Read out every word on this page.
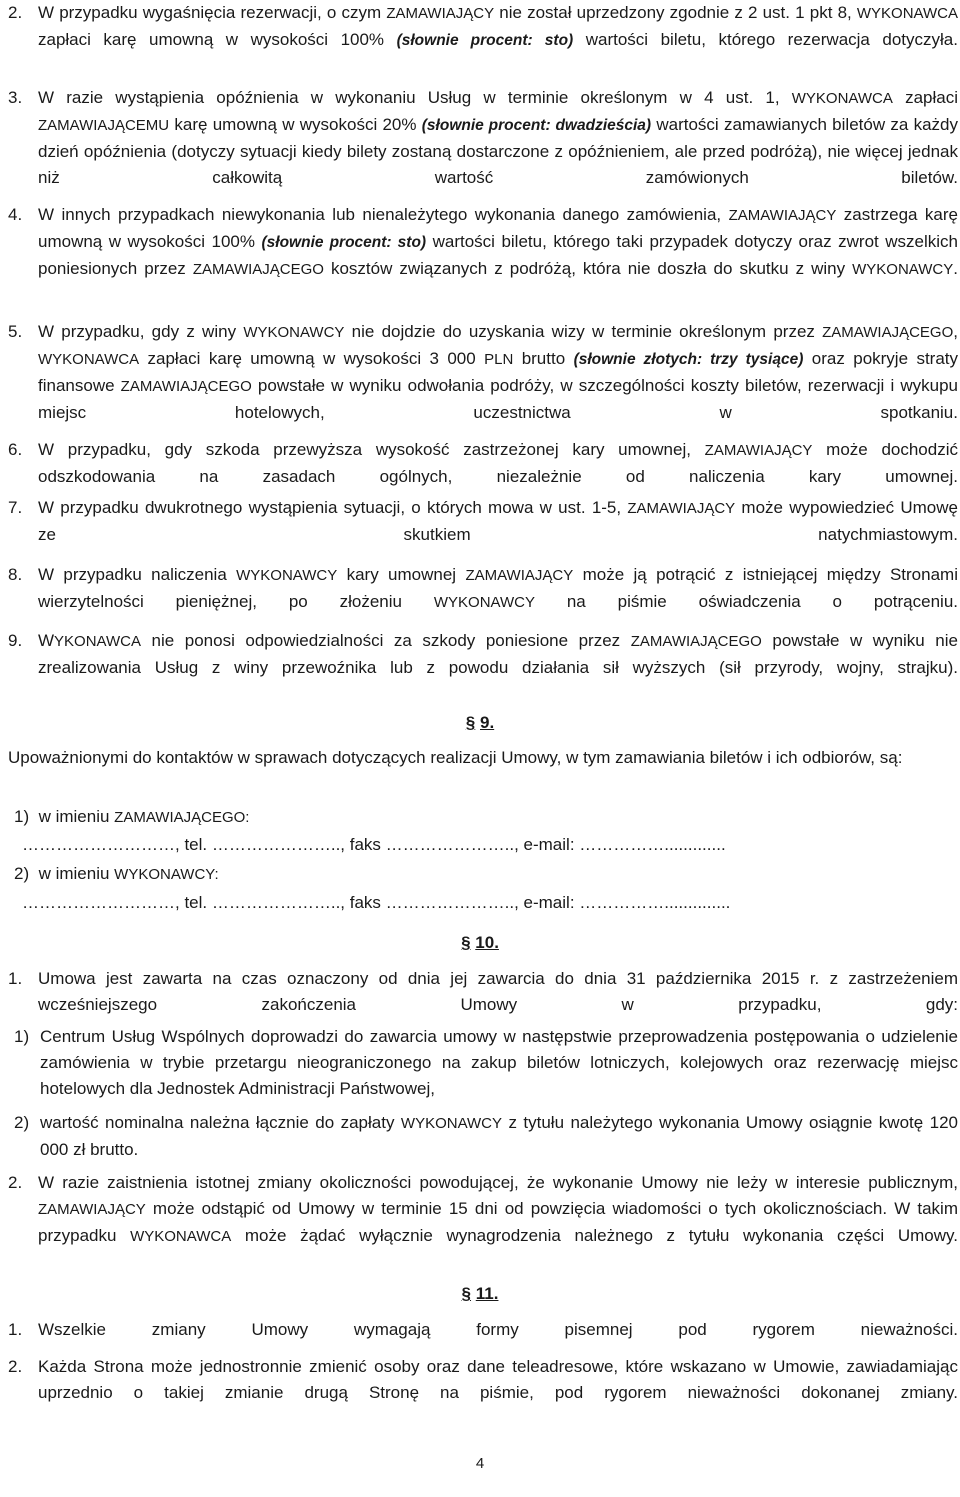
2. W przypadku wygaśnięcia rezerwacji, o czym ZAMAWIAJĄCY nie został uprzedzony zgodnie z 2 ust. 1 pkt 8, WYKONAWCA zapłaci karę umowną w wysokości 100% (słownie procent: sto) wartości biletu, którego rezerwacja dotyczyła.
3. W razie wystąpienia opóźnienia w wykonaniu Usług w terminie określonym w 4 ust. 1, WYKONAWCA zapłaci ZAMAWIAJĄCEMU karę umowną w wysokości 20% (słownie procent: dwadzieścia) wartości zamawianych biletów za każdy dzień opóźnienia (dotyczy sytuacji kiedy bilety zostaną dostarczone z opóźnieniem, ale przed podróżą), nie więcej jednak niż całkowitą wartość zamówionych biletów.
4. W innych przypadkach niewykonania lub nienależytego wykonania danego zamówienia, ZAMAWIAJĄCY zastrzega karę umowną w wysokości 100% (słownie procent: sto) wartości biletu, którego taki przypadek dotyczy oraz zwrot wszelkich poniesionych przez ZAMAWIAJĄCEGO kosztów związanych z podróżą, która nie doszła do skutku z winy WYKONAWCY.
5. W przypadku, gdy z winy WYKONAWCY nie dojdzie do uzyskania wizy w terminie określonym przez ZAMAWIAJĄCEGO, WYKONAWCA zapłaci karę umowną w wysokości 3 000 PLN brutto (słownie złotych: trzy tysiące) oraz pokryje straty finansowe ZAMAWIAJĄCEGO powstałe w wyniku odwołania podróży, w szczególności koszty biletów, rezerwacji i wykupu miejsc hotelowych, uczestnictwa w spotkaniu.
6. W przypadku, gdy szkoda przewyższa wysokość zastrzeżonej kary umownej, ZAMAWIAJĄCY może dochodzić odszkodowania na zasadach ogólnych, niezależnie od naliczenia kary umownej.
7. W przypadku dwukrotnego wystąpienia sytuacji, o których mowa w ust. 1-5, ZAMAWIAJĄCY może wypowiedzieć Umowę ze skutkiem natychmiastowym.
8. W przypadku naliczenia WYKONAWCY kary umownej ZAMAWIAJĄCY może ją potrącić z istniejącej między Stronami wierzytelności pieniężnej, po złożeniu WYKONAWCY na piśmie oświadczenia o potrąceniu.
9. WYKONAWCA nie ponosi odpowiedzialności za szkody poniesione przez ZAMAWIAJĄCEGO powstałe w wyniku nie zrealizowania Usług z winy przewoźnika lub z powodu działania sił wyższych (sił przyrody, wojny, strajku).
§ 9.
Upoważnionymi do kontaktów w sprawach dotyczących realizacji Umowy, w tym zamawiania biletów i ich odbiorów, są:
1) w imieniu ZAMAWIAJĄCEGO:
………………………, tel. ………………….., faks ………………….., e-mail: …………….............
2) w imieniu WYKONAWCY:
………………………, tel. ………………….., faks ………………….., e-mail: ……………..............
§ 10.
1. Umowa jest zawarta na czas oznaczony od dnia jej zawarcia do dnia 31 października 2015 r. z zastrzeżeniem wcześniejszego zakończenia Umowy w przypadku, gdy:
1) Centrum Usług Wspólnych doprowadzi do zawarcia umowy w następstwie przeprowadzenia postępowania o udzielenie zamówienia w trybie przetargu nieograniczonego na zakup biletów lotniczych, kolejowych oraz rezerwację miejsc hotelowych dla Jednostek Administracji Państwowej,
2) wartość nominalna należna łącznie do zapłaty WYKONAWCY z tytułu należytego wykonania Umowy osiągnie kwotę 120 000 zł brutto.
2. W razie zaistnienia istotnej zmiany okoliczności powodującej, że wykonanie Umowy nie leży w interesie publicznym, ZAMAWIAJĄCY może odstąpić od Umowy w terminie 15 dni od powzięcia wiadomości o tych okolicznościach. W takim przypadku WYKONAWCA może żądać wyłącznie wynagrodzenia należnego z tytułu wykonania części Umowy.
§ 11.
1. Wszelkie zmiany Umowy wymagają formy pisemnej pod rygorem nieważności.
2. Każda Strona może jednostronnie zmienić osoby oraz dane teleadresowe, które wskazano w Umowie, zawiadamiając uprzednio o takiej zmianie drugą Stronę na piśmie, pod rygorem nieważności dokonanej zmiany.
4
